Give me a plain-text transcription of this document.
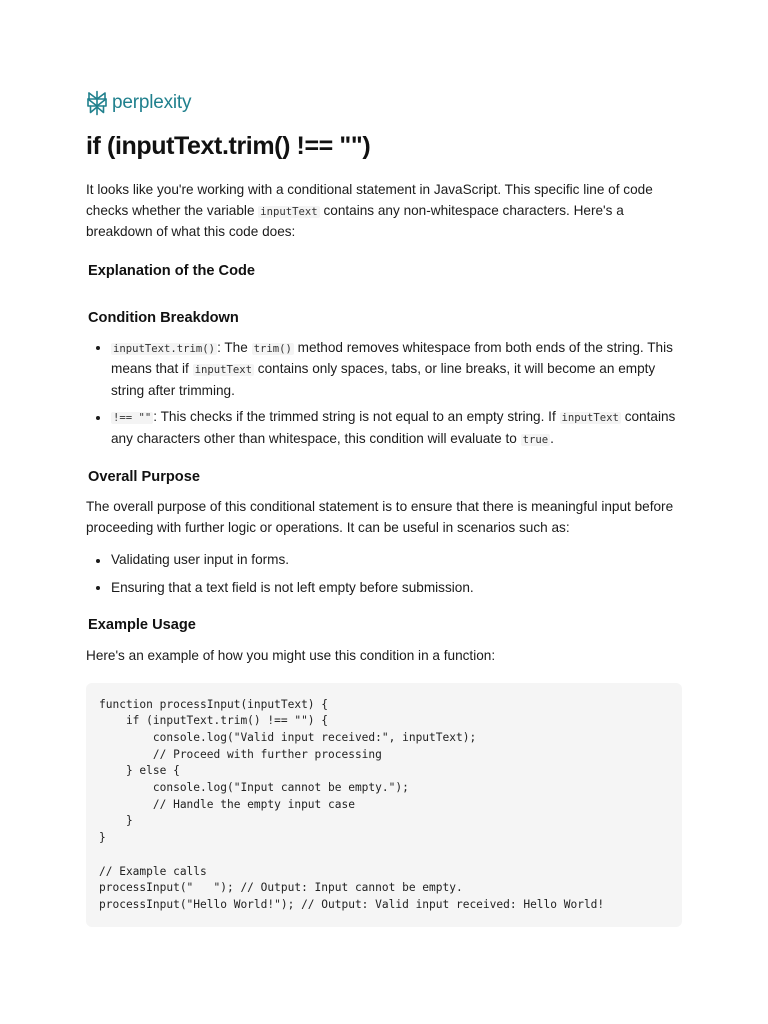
perplexity
if (inputText.trim() !== "")

It looks like you're working with a conditional statement in JavaScript. This specific line of code checks whether the variable inputText contains any non-whitespace characters. Here's a breakdown of what this code does:

Explanation of the Code
Condition Breakdown
inputText.trim() : The trim() method removes whitespace from both ends of the string. This means that if inputText contains only spaces, tabs, or line breaks, it will become an empty string after trimming.
!== "" : This checks if the trimmed string is not equal to an empty string. If inputText contains any characters other than whitespace, this condition will evaluate to true .
Overall Purpose

The overall purpose of this conditional statement is to ensure that there is meaningful input before proceeding with further logic or operations. It can be useful in scenarios such as:

Validating user input in forms.
Ensuring that a text field is not left empty before submission.
Example Usage

Here's an example of how you might use this condition in a function:

function processInput(inputText) {
if (inputText.trim() !== "") {
console.log("Valid input received:", inputText);
// Proceed with further processing
} else {
console.log("Input cannot be empty.");
// Handle the empty input case
}
}

// Example calls
processInput("   "); // Output: Input cannot be empty.
processInput("Hello World!"); // Output: Valid input received: Hello World!
